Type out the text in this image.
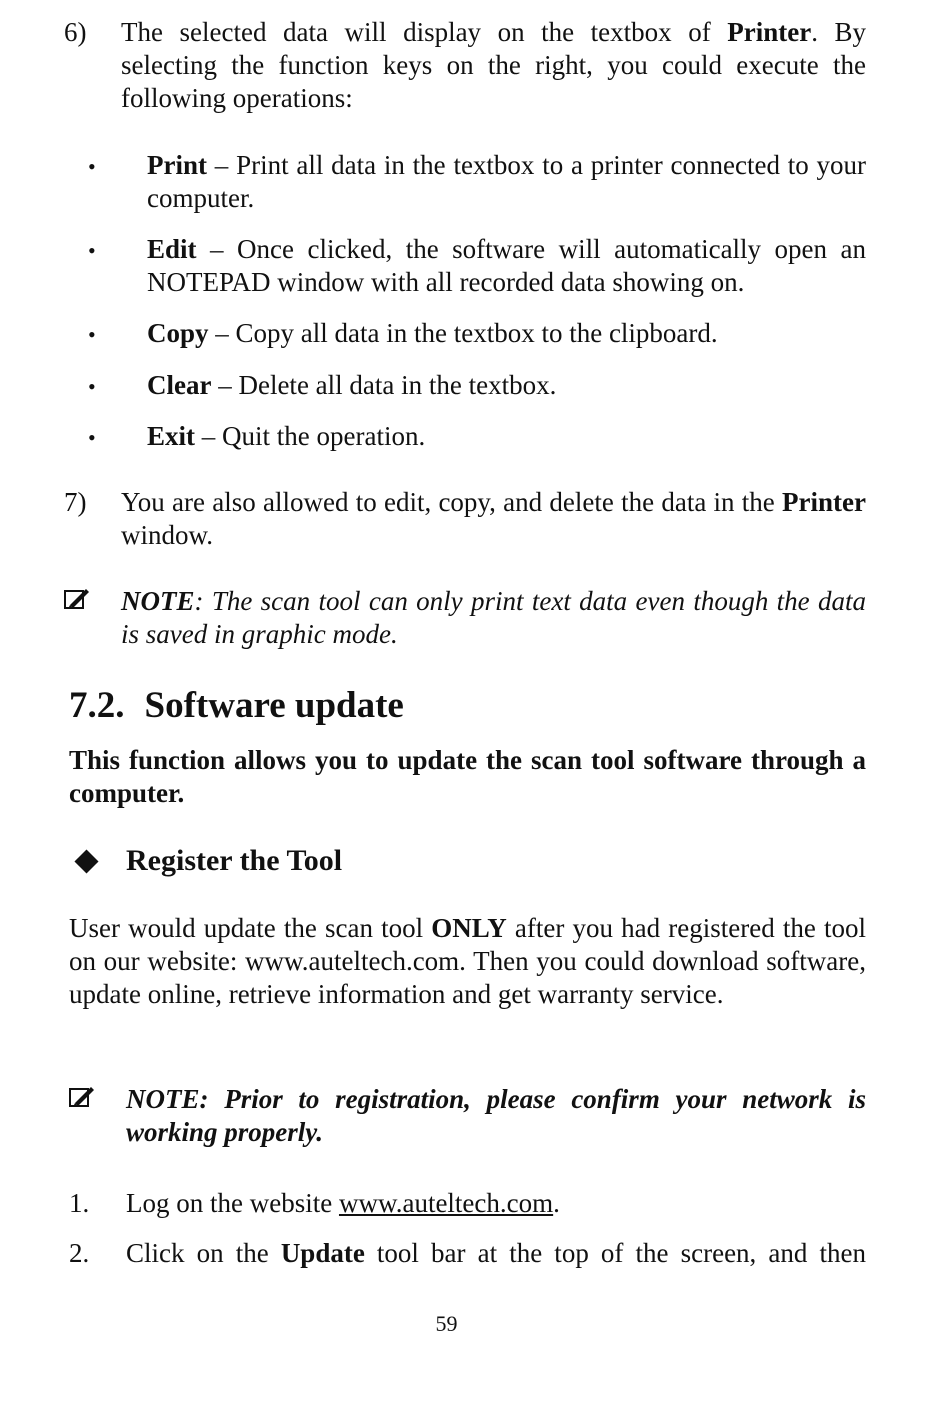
6) The selected data will display on the textbox of Printer. By selecting the function keys on the right, you could execute the following operations:
• Print – Print all data in the textbox to a printer connected to your computer.
• Edit – Once clicked, the software will automatically open an NOTEPAD window with all recorded data showing on.
• Copy – Copy all data in the textbox to the clipboard.
• Clear – Delete all data in the textbox.
• Exit – Quit the operation.
7) You are also allowed to edit, copy, and delete the data in the Printer window.
NOTE: The scan tool can only print text data even though the data is saved in graphic mode.
7.2. Software update
This function allows you to update the scan tool software through a computer.
Register the Tool
User would update the scan tool ONLY after you had registered the tool on our website: www.auteltech.com. Then you could download software, update online, retrieve information and get warranty service.
NOTE: Prior to registration, please confirm your network is working properly.
1. Log on the website www.auteltech.com.
2. Click on the Update tool bar at the top of the screen, and then
59
